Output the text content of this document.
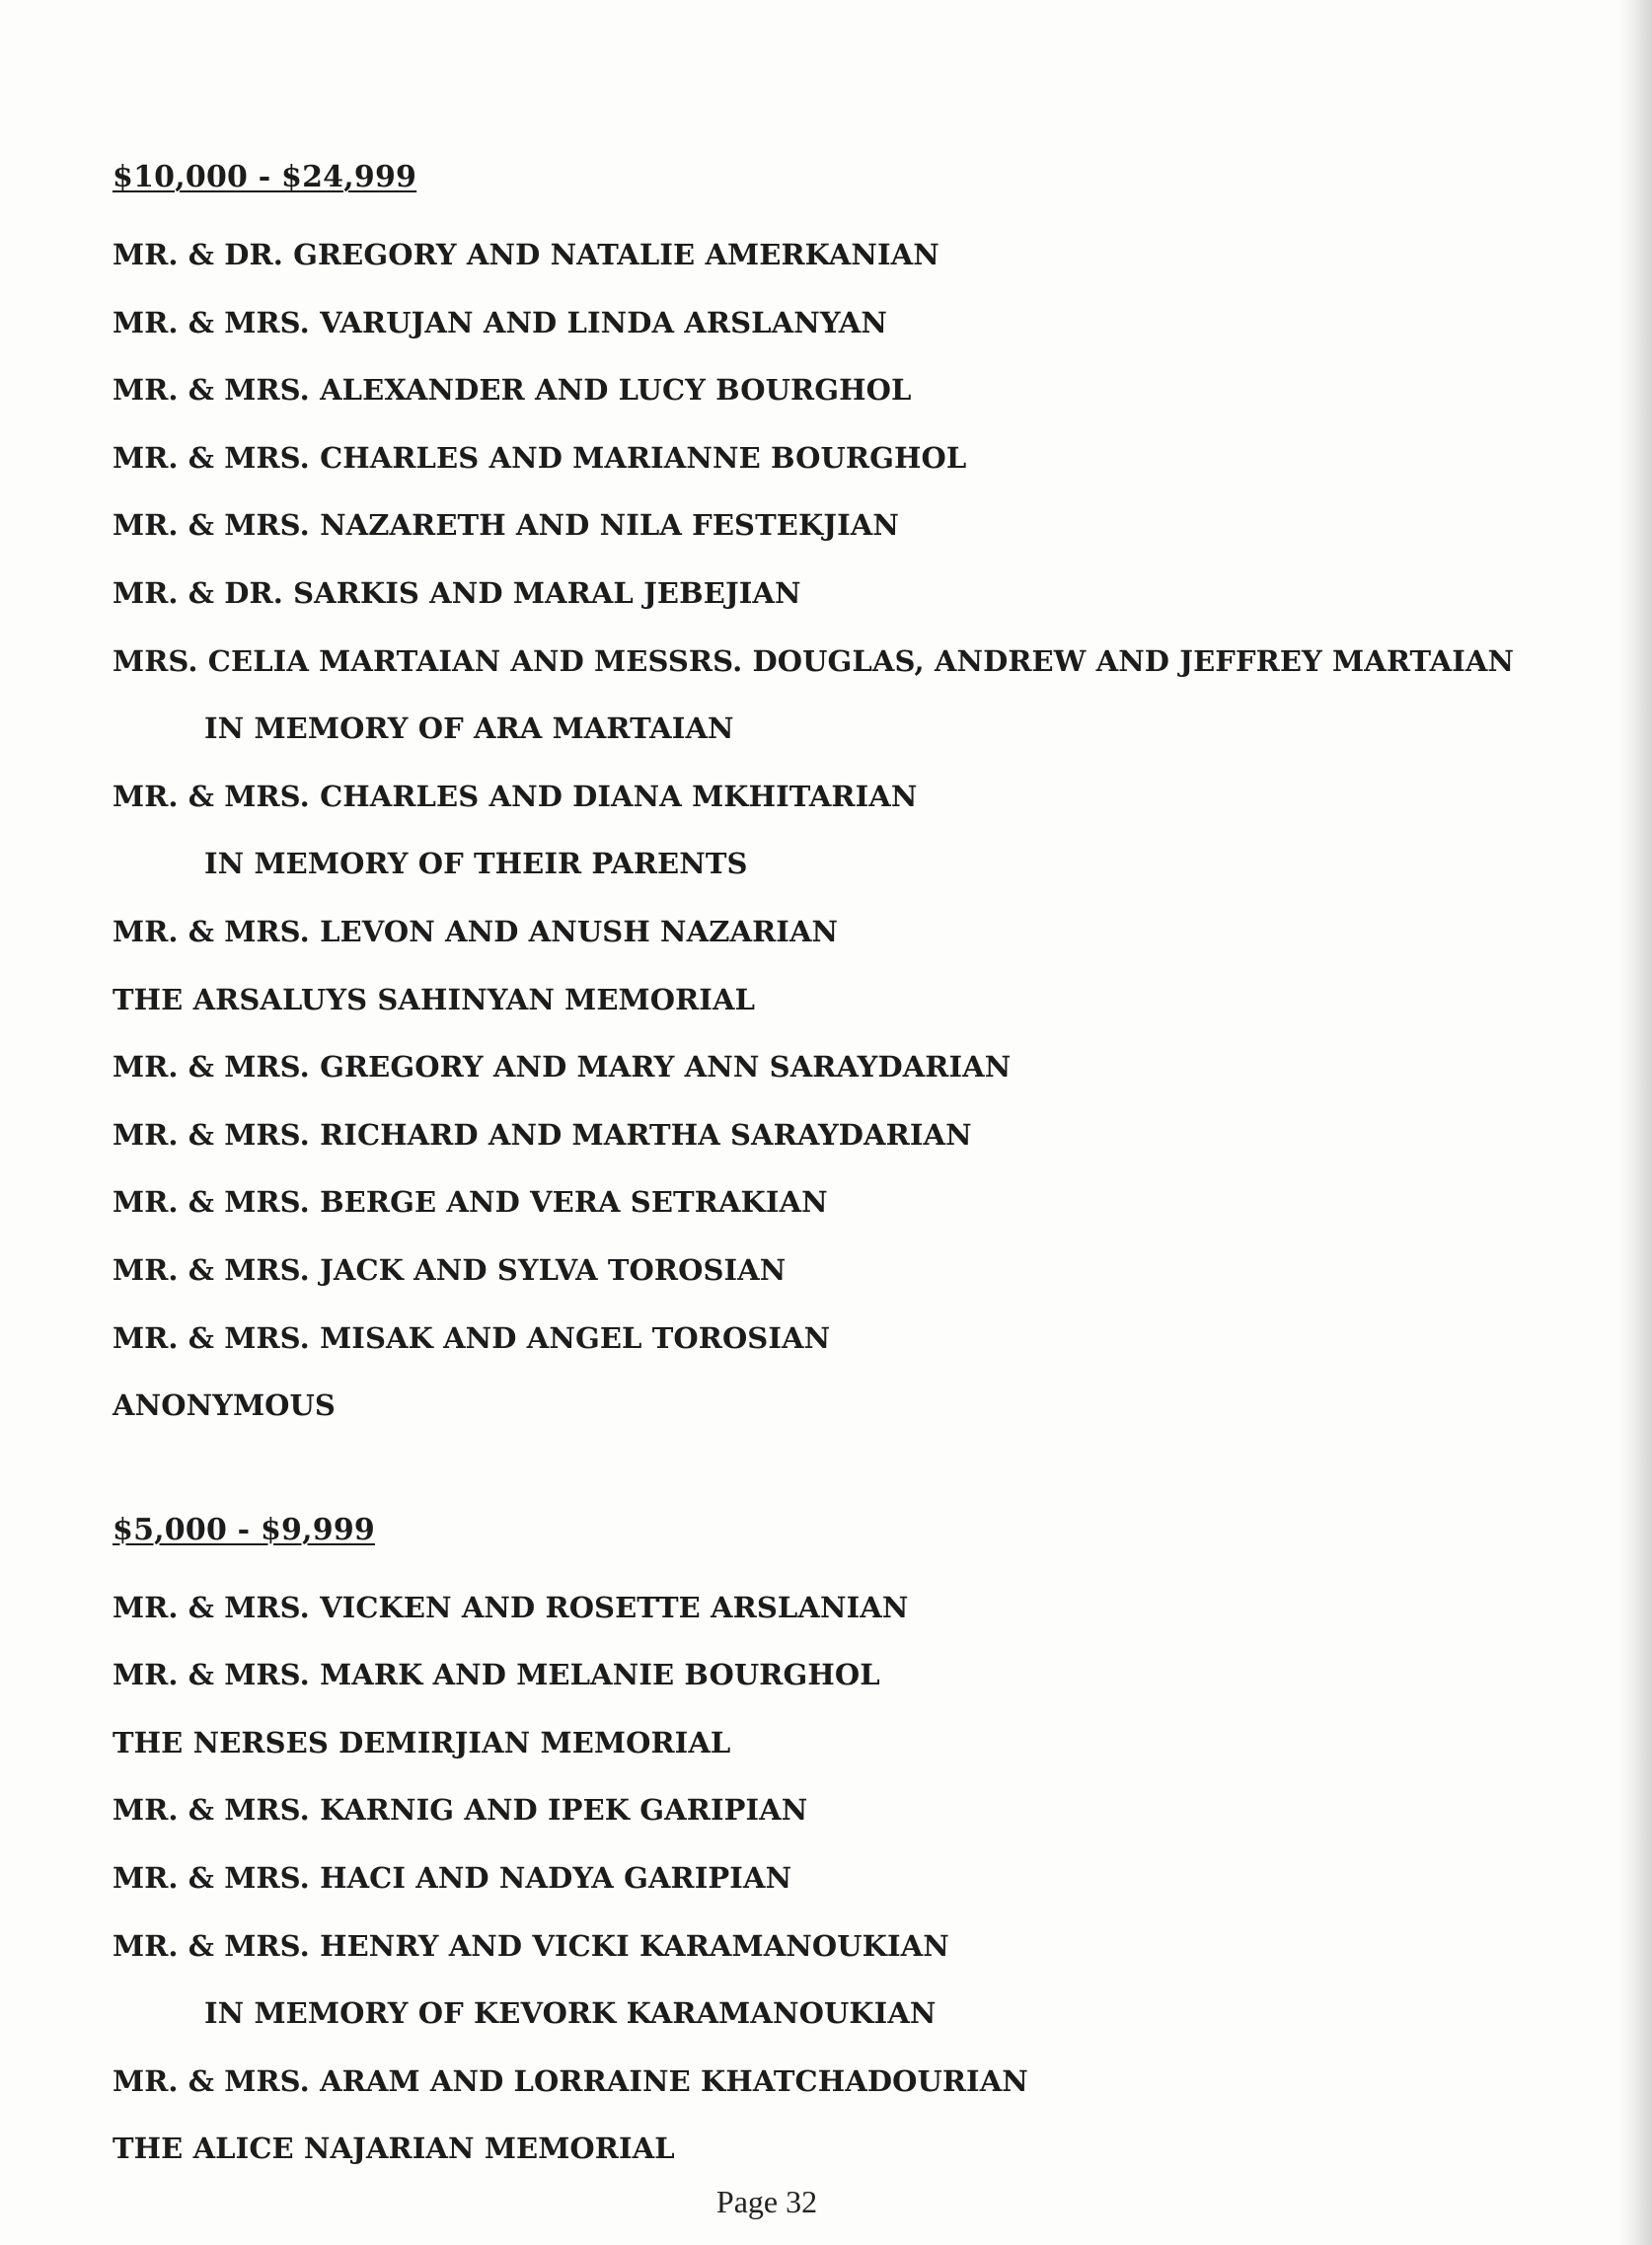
$10,000 - $24,999
MR. & DR. GREGORY AND NATALIE AMERKANIAN
MR. & MRS. VARUJAN AND LINDA ARSLANYAN
MR. & MRS. ALEXANDER AND LUCY BOURGHOL
MR. & MRS. CHARLES AND MARIANNE BOURGHOL
MR. & MRS. NAZARETH AND NILA FESTEKJIAN
MR. & DR. SARKIS AND MARAL JEBEJIAN
MRS. CELIA MARTAIAN AND MESSRS. DOUGLAS, ANDREW AND JEFFREY MARTAIAN
IN MEMORY OF ARA MARTAIAN
MR. & MRS. CHARLES AND DIANA MKHITARIAN
IN MEMORY OF THEIR PARENTS
MR. & MRS. LEVON AND ANUSH NAZARIAN
THE ARSALUYS SAHINYAN MEMORIAL
MR. & MRS. GREGORY AND MARY ANN SARAYDARIAN
MR. & MRS. RICHARD AND MARTHA SARAYDARIAN
MR. & MRS. BERGE AND VERA SETRAKIAN
MR. & MRS. JACK AND SYLVA TOROSIAN
MR. & MRS. MISAK AND ANGEL TOROSIAN
ANONYMOUS
$5,000 - $9,999
MR. & MRS. VICKEN AND ROSETTE ARSLANIAN
MR. & MRS. MARK AND MELANIE BOURGHOL
THE NERSES DEMIRJIAN MEMORIAL
MR. & MRS. KARNIG AND IPEK GARIPIAN
MR. & MRS. HACI AND NADYA GARIPIAN
MR. & MRS. HENRY AND VICKI KARAMANOUKIAN
IN MEMORY OF KEVORK KARAMANOUKIAN
MR. & MRS. ARAM AND LORRAINE KHATCHADOURIAN
THE ALICE NAJARIAN MEMORIAL
Page 32
